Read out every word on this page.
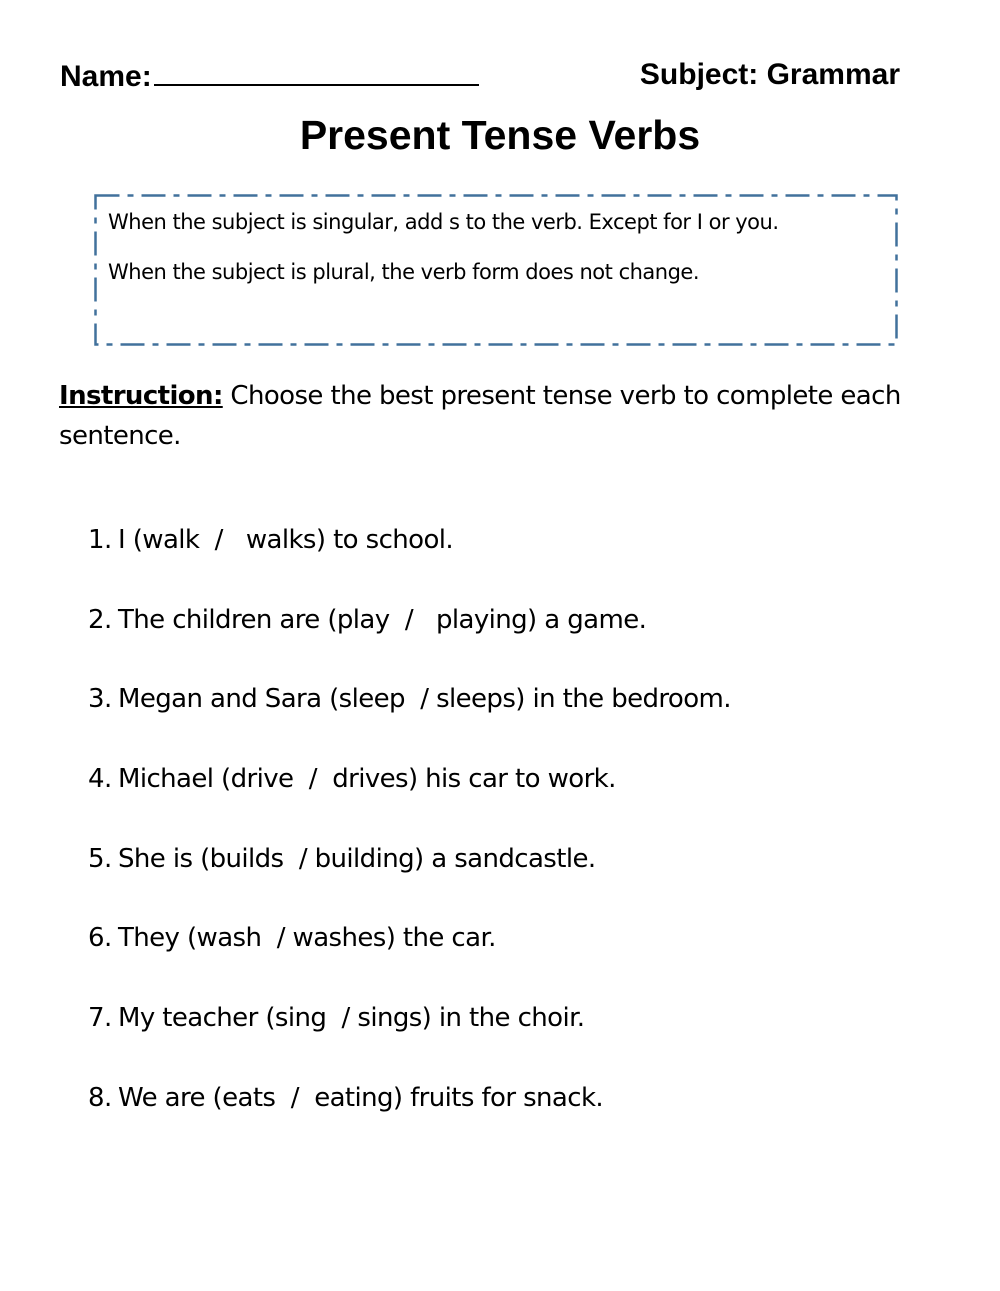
Name:	Subject: Grammar
Present Tense Verbs

When the subject is singular, add s to the verb. Except for I or you.

When the subject is plural, the verb form does not change.

Instruction: Choose the best present tense verb to complete each sentence.
1. I (walk  /   walks) to school.
2. The children are (play  /   playing) a game.
3. Megan and Sara (sleep  / sleeps) in the bedroom.
4. Michael (drive  /  drives) his car to work.
5. She is (builds  / building) a sandcastle.
6. They (wash  / washes) the car.
7. My teacher (sing  / sings) in the choir.
8. We are (eats  /  eating) fruits for snack.
